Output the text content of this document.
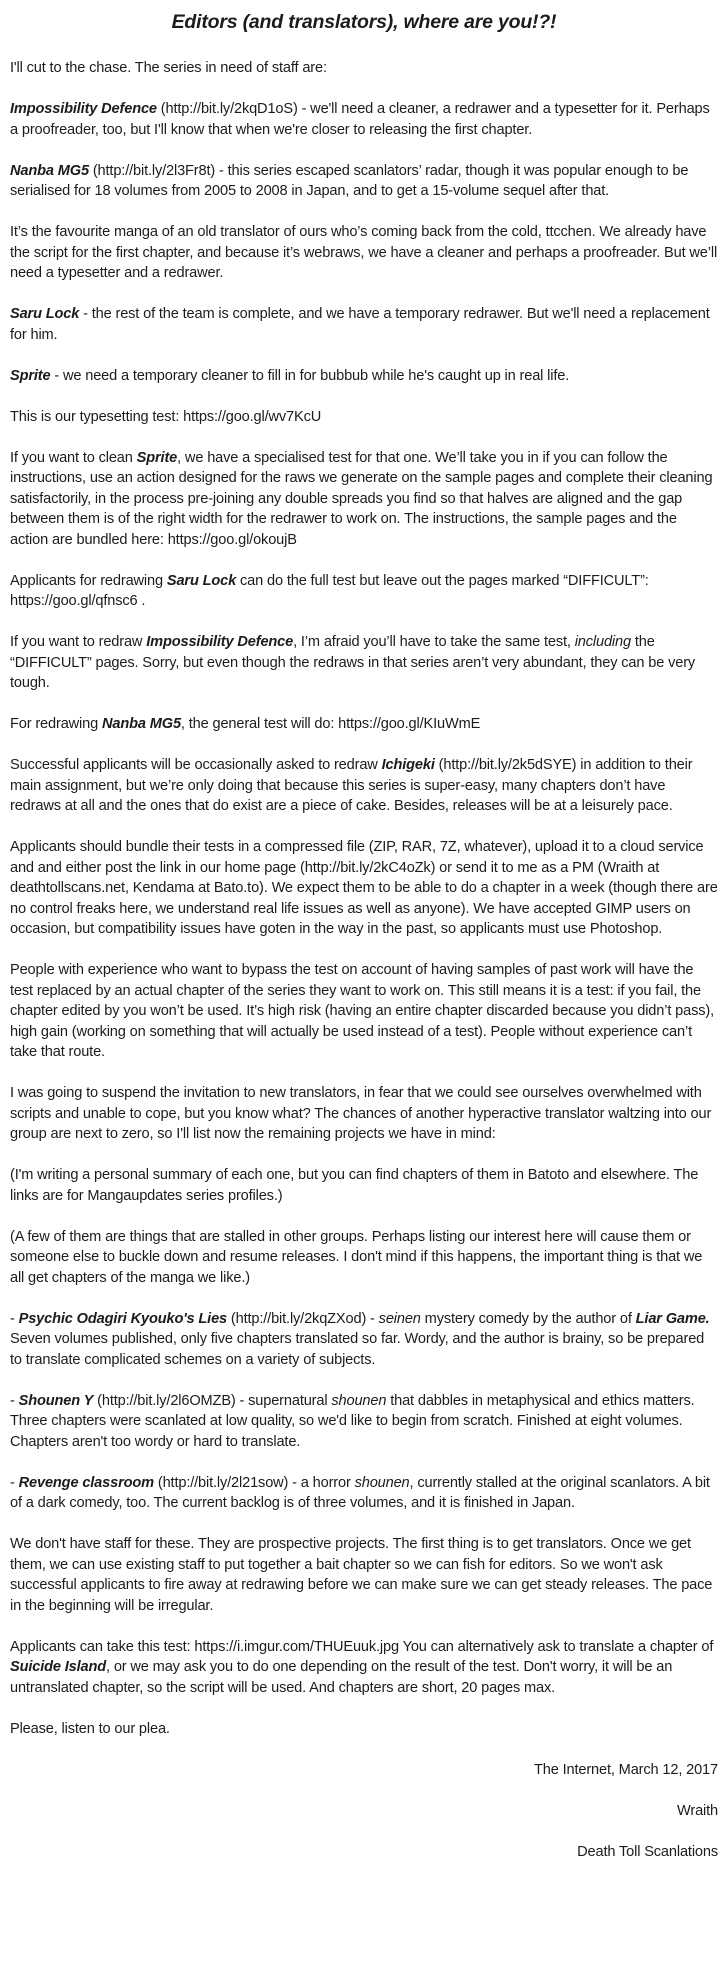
Editors (and translators), where are you!?!

I'll cut to the chase. The series in need of staff are:

Impossibility Defence (http://bit.ly/2kqD1oS) - we'll need a cleaner, a redrawer and a typesetter for it. Perhaps a proofreader, too, but I'll know that when we're closer to releasing the first chapter.

Nanba MG5 (http://bit.ly/2l3Fr8t) - this series escaped scanlators’ radar, though it was popular enough to be serialised for 18 volumes from 2005 to 2008 in Japan, and to get a 15-volume sequel after that.

It’s the favourite manga of an old translator of ours who’s coming back from the cold, ttcchen. We already have the script for the first chapter, and because it’s webraws, we have a cleaner and perhaps a proofreader. But we’ll need a typesetter and a redrawer.

Saru Lock - the rest of the team is complete, and we have a temporary redrawer. But we'll need a replacement for him.

Sprite - we need a temporary cleaner to fill in for bubbub while he's caught up in real life.

This is our typesetting test: https://goo.gl/wv7KcU

If you want to clean Sprite, we have a specialised test for that one. We’ll take you in if you can follow the instructions, use an action designed for the raws we generate on the sample pages and complete their cleaning satisfactorily, in the process pre-joining any double spreads you find so that halves are aligned and the gap between them is of the right width for the redrawer to work on. The instructions, the sample pages and the action are bundled here: https://goo.gl/okoujB

Applicants for redrawing Saru Lock can do the full test but leave out the pages marked “DIFFICULT”: https://goo.gl/qfnsc6 .

If you want to redraw Impossibility Defence, I’m afraid you’ll have to take the same test, including the “DIFFICULT” pages. Sorry, but even though the redraws in that series aren’t very abundant, they can be very tough.

For redrawing Nanba MG5, the general test will do: https://goo.gl/KIuWmE

Successful applicants will be occasionally asked to redraw Ichigeki (http://bit.ly/2k5dSYE) in addition to their main assignment, but we’re only doing that because this series is super-easy, many chapters don’t have redraws at all and the ones that do exist are a piece of cake. Besides, releases will be at a leisurely pace.

Applicants should bundle their tests in a compressed file (ZIP, RAR, 7Z, whatever), upload it to a cloud service and and either post the link in our home page (http://bit.ly/2kC4oZk) or send it to me as a PM (Wraith at deathtollscans.net, Kendama at Bato.to). We expect them to be able to do a chapter in a week (though there are no control freaks here, we understand real life issues as well as anyone). We have accepted GIMP users on occasion, but compatibility issues have goten in the way in the past, so applicants must use Photoshop.

People with experience who want to bypass the test on account of having samples of past work will have the test replaced by an actual chapter of the series they want to work on. This still means it is a test: if you fail, the chapter edited by you won’t be used. It’s high risk (having an entire chapter discarded because you didn’t pass), high gain (working on something that will actually be used instead of a test). People without experience can’t take that route.

I was going to suspend the invitation to new translators, in fear that we could see ourselves overwhelmed with scripts and unable to cope, but you know what? The chances of another hyperactive translator waltzing into our group are next to zero, so I'll list now the remaining projects we have in mind:

(I'm writing a personal summary of each one, but you can find chapters of them in Batoto and elsewhere. The links are for Mangaupdates series profiles.)

(A few of them are things that are stalled in other groups. Perhaps listing our interest here will cause them or someone else to buckle down and resume releases. I don't mind if this happens, the important thing is that we all get chapters of the manga we like.)

- Psychic Odagiri Kyouko's Lies (http://bit.ly/2kqZXod) - seinen mystery comedy by the author of Liar Game. Seven volumes published, only five chapters translated so far. Wordy, and the author is brainy, so be prepared to translate complicated schemes on a variety of subjects.

- Shounen Y (http://bit.ly/2l6OMZB) - supernatural shounen that dabbles in metaphysical and ethics matters. Three chapters were scanlated at low quality, so we'd like to begin from scratch. Finished at eight volumes. Chapters aren't too wordy or hard to translate.

- Revenge classroom (http://bit.ly/2l21sow) - a horror shounen, currently stalled at the original scanlators. A bit of a dark comedy, too. The current backlog is of three volumes, and it is finished in Japan.

We don't have staff for these. They are prospective projects. The first thing is to get translators. Once we get them, we can use existing staff to put together a bait chapter so we can fish for editors. So we won't ask successful applicants to fire away at redrawing before we can make sure we can get steady releases. The pace in the beginning will be irregular.

Applicants can take this test: https://i.imgur.com/THUEuuk.jpg You can alternatively ask to translate a chapter of Suicide Island, or we may ask you to do one depending on the result of the test. Don't worry, it will be an untranslated chapter, so the script will be used. And chapters are short, 20 pages max.

Please, listen to our plea.

The Internet, March 12, 2017

Wraith

Death Toll Scanlations
